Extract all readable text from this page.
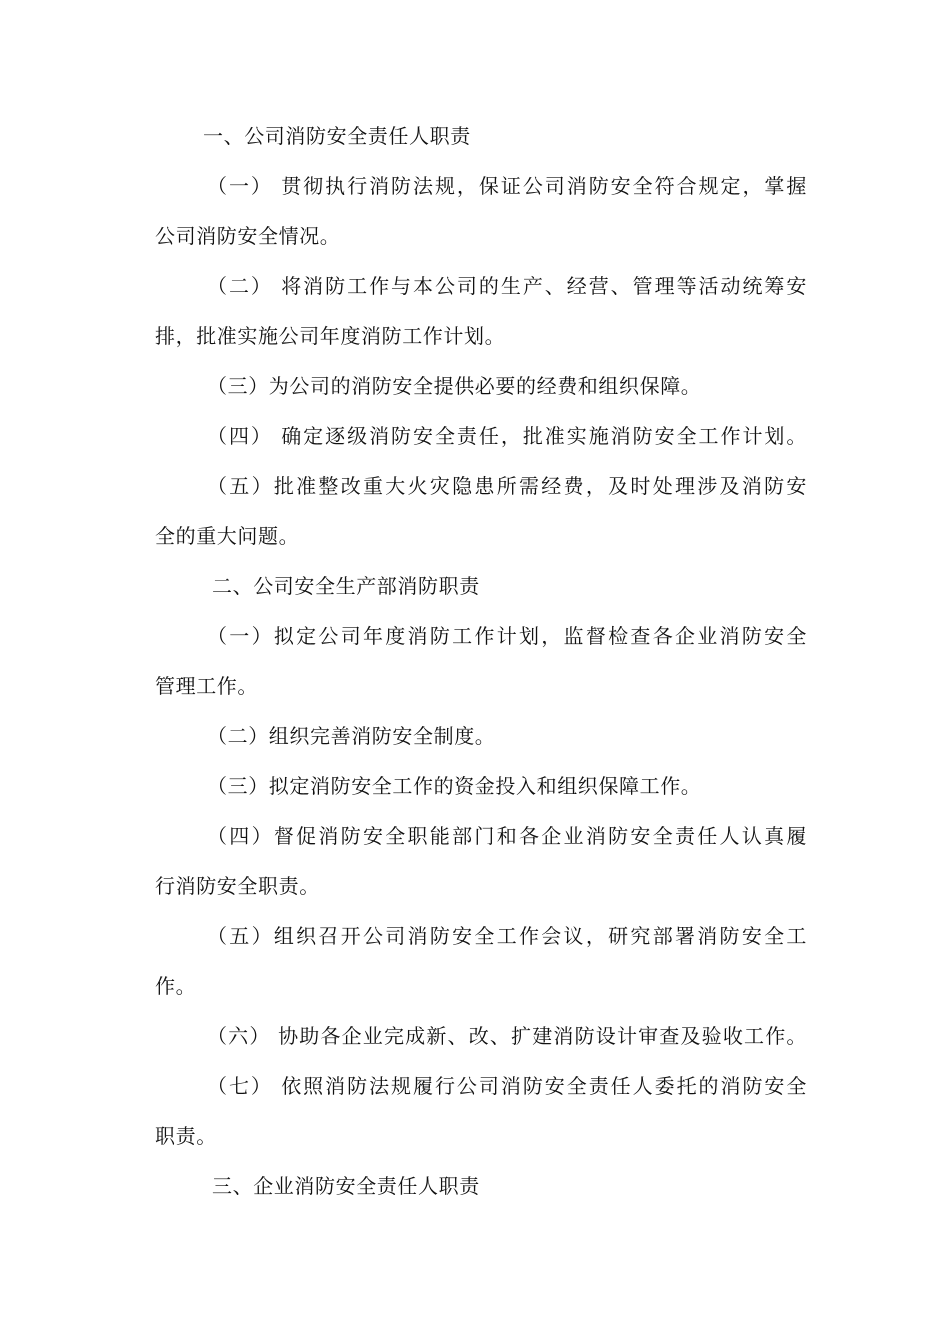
一、公司消防安全责任人职责
（一） 贯彻执行消防法规，保证公司消防安全符合规定，掌握
公司消防安全情况。
（二） 将消防工作与本公司的生产、经营、管理等活动统筹安
排，批准实施公司年度消防工作计划。
（三）为公司的消防安全提供必要的经费和组织保障。
（四） 确定逐级消防安全责任，批准实施消防安全工作计划。
（五）批准整改重大火灾隐患所需经费，及时处理涉及消防安
全的重大问题。
二、公司安全生产部消防职责
（一）拟定公司年度消防工作计划，监督检查各企业消防安全
管理工作。
（二）组织完善消防安全制度。
（三）拟定消防安全工作的资金投入和组织保障工作。
（四）督促消防安全职能部门和各企业消防安全责任人认真履
行消防安全职责。
（五）组织召开公司消防安全工作会议，研究部署消防安全工
作。
（六） 协助各企业完成新、改、扩建消防设计审查及验收工作。
（七） 依照消防法规履行公司消防安全责任人委托的消防安全
职责。
三、企业消防安全责任人职责
